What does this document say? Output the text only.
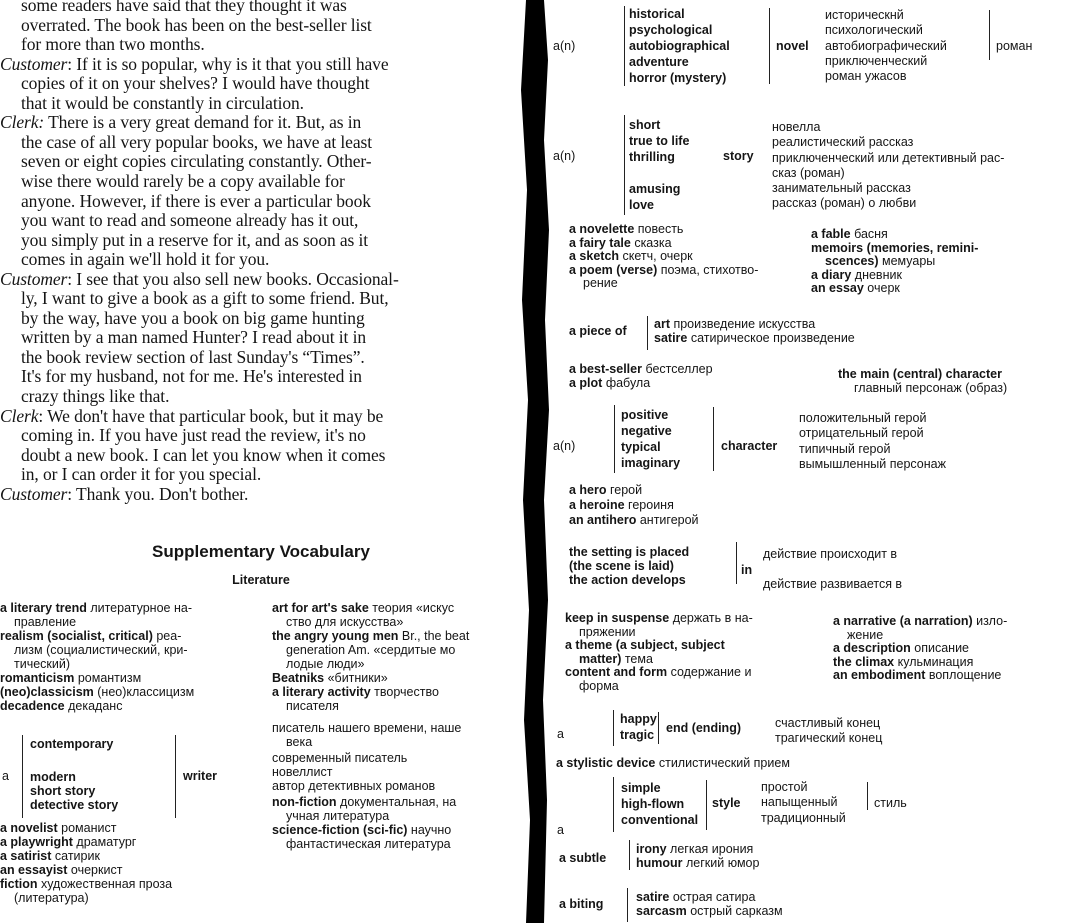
some readers have said that they thought it was
overrated. The book has been on the best-seller list
for more than two months.
Customer: If it is so popular, why is it that you still have
copies of it on your shelves? I would have thought
that it would be constantly in circulation.
Clerk: There is a very great demand for it. But, as in
the case of all very popular books, we have at least
seven or eight copies circulating constantly. Other-
wise there would rarely be a copy available for
anyone. However, if there is ever a particular book
you want to read and someone already has it out,
you simply put in a reserve for it, and as soon as it
comes in again we'll hold it for you.
Customer: I see that you also sell new books. Occasional-
ly, I want to give a book as a gift to some friend. But,
by the way, have you a book on big game hunting
written by a man named Hunter? I read about it in
the book review section of last Sunday's “Times”.
It's for my husband, not for me. He's interested in
crazy things like that.
Clerk: We don't have that particular book, but it may be
coming in. If you have just read the review, it's no
doubt a new book. I can let you know when it comes
in, or I can order it for you special.
Customer: Thank you. Don't bother.
Supplementary Vocabulary
Literature
a literary trend литературное на-
правление
realism (socialist, critical) реа-
лизм (социалистический, кри-
тический)
romanticism романтизм
(neo)classicism (нео)классицизм
decadence декаданс
a
contemporary
modern
short story
detective story
writer
a novelist романист
a playwright драматург
a satirist сатирик
an essayist очеркист
fiction художественная проза
(литература)
art for art's sake теория «искус
ство для искусства»
the angry young men Br., the beat
generation Am. «сердитые мо
лодые люди»
Beatniks «битники»
a literary activity творчество
писателя
писатель нашего времени, наше
века
современный писатель
новеллист
автор детективных романов
non-fiction документальная, на
учная литература
science-fiction (sci-fic) научно
фантастическая литература
a(n)
historical
psychological
autobiographical
adventure
horror (mystery)
novel
историческнй
психологический
автобиографический
приключенческий
роман ужасов
роман
a(n)
short
true to life
thrilling
amusing
love
story
новелла
реалистический рассказ
приключенческий или детективный рас-
сказ (роман)
занимательный рассказ
рассказ (роман) о любви
a novelette повесть
a fairy tale сказка
a sketch скетч, очерк
a poem (verse) поэма, стихотво-
рение
a fable басня
memoirs (memories, remini-
scences) мемуары
a diary дневник
an essay очерк
a piece of art произведение искусства
satire сатирическое произведение
a best-seller бестселлер
a plot фабула
the main (central) character
главный персонаж (образ)
a(n)
positive
negative
typical
imaginary
character
положительный герой
отрицательный герой
типичный герой
вымышленный персонаж
a hero герой
a heroine героиня
an antihero антигерой
the setting is placed
(the scene is laid)
the action develops
in
действие происходит в
действие развивается в
keep in suspense держать в на-
пряжении
a theme (a subject, subject
matter) тема
content and form содержание и
форма
a narrative (a narration) изло-
жение
a description описание
the climax кульминация
an embodiment воплощение
a
happy
tragic end (ending)	счастливый конец
трагический конец
a stylistic device стилистический прием
a
simple
high-flown
conventional
style
простой
напыщенный
традиционный
стиль
a subtle
irony легкая ирония
humour легкий юмор
a biting	satire острая сатира
sarcasm острый сарказм
